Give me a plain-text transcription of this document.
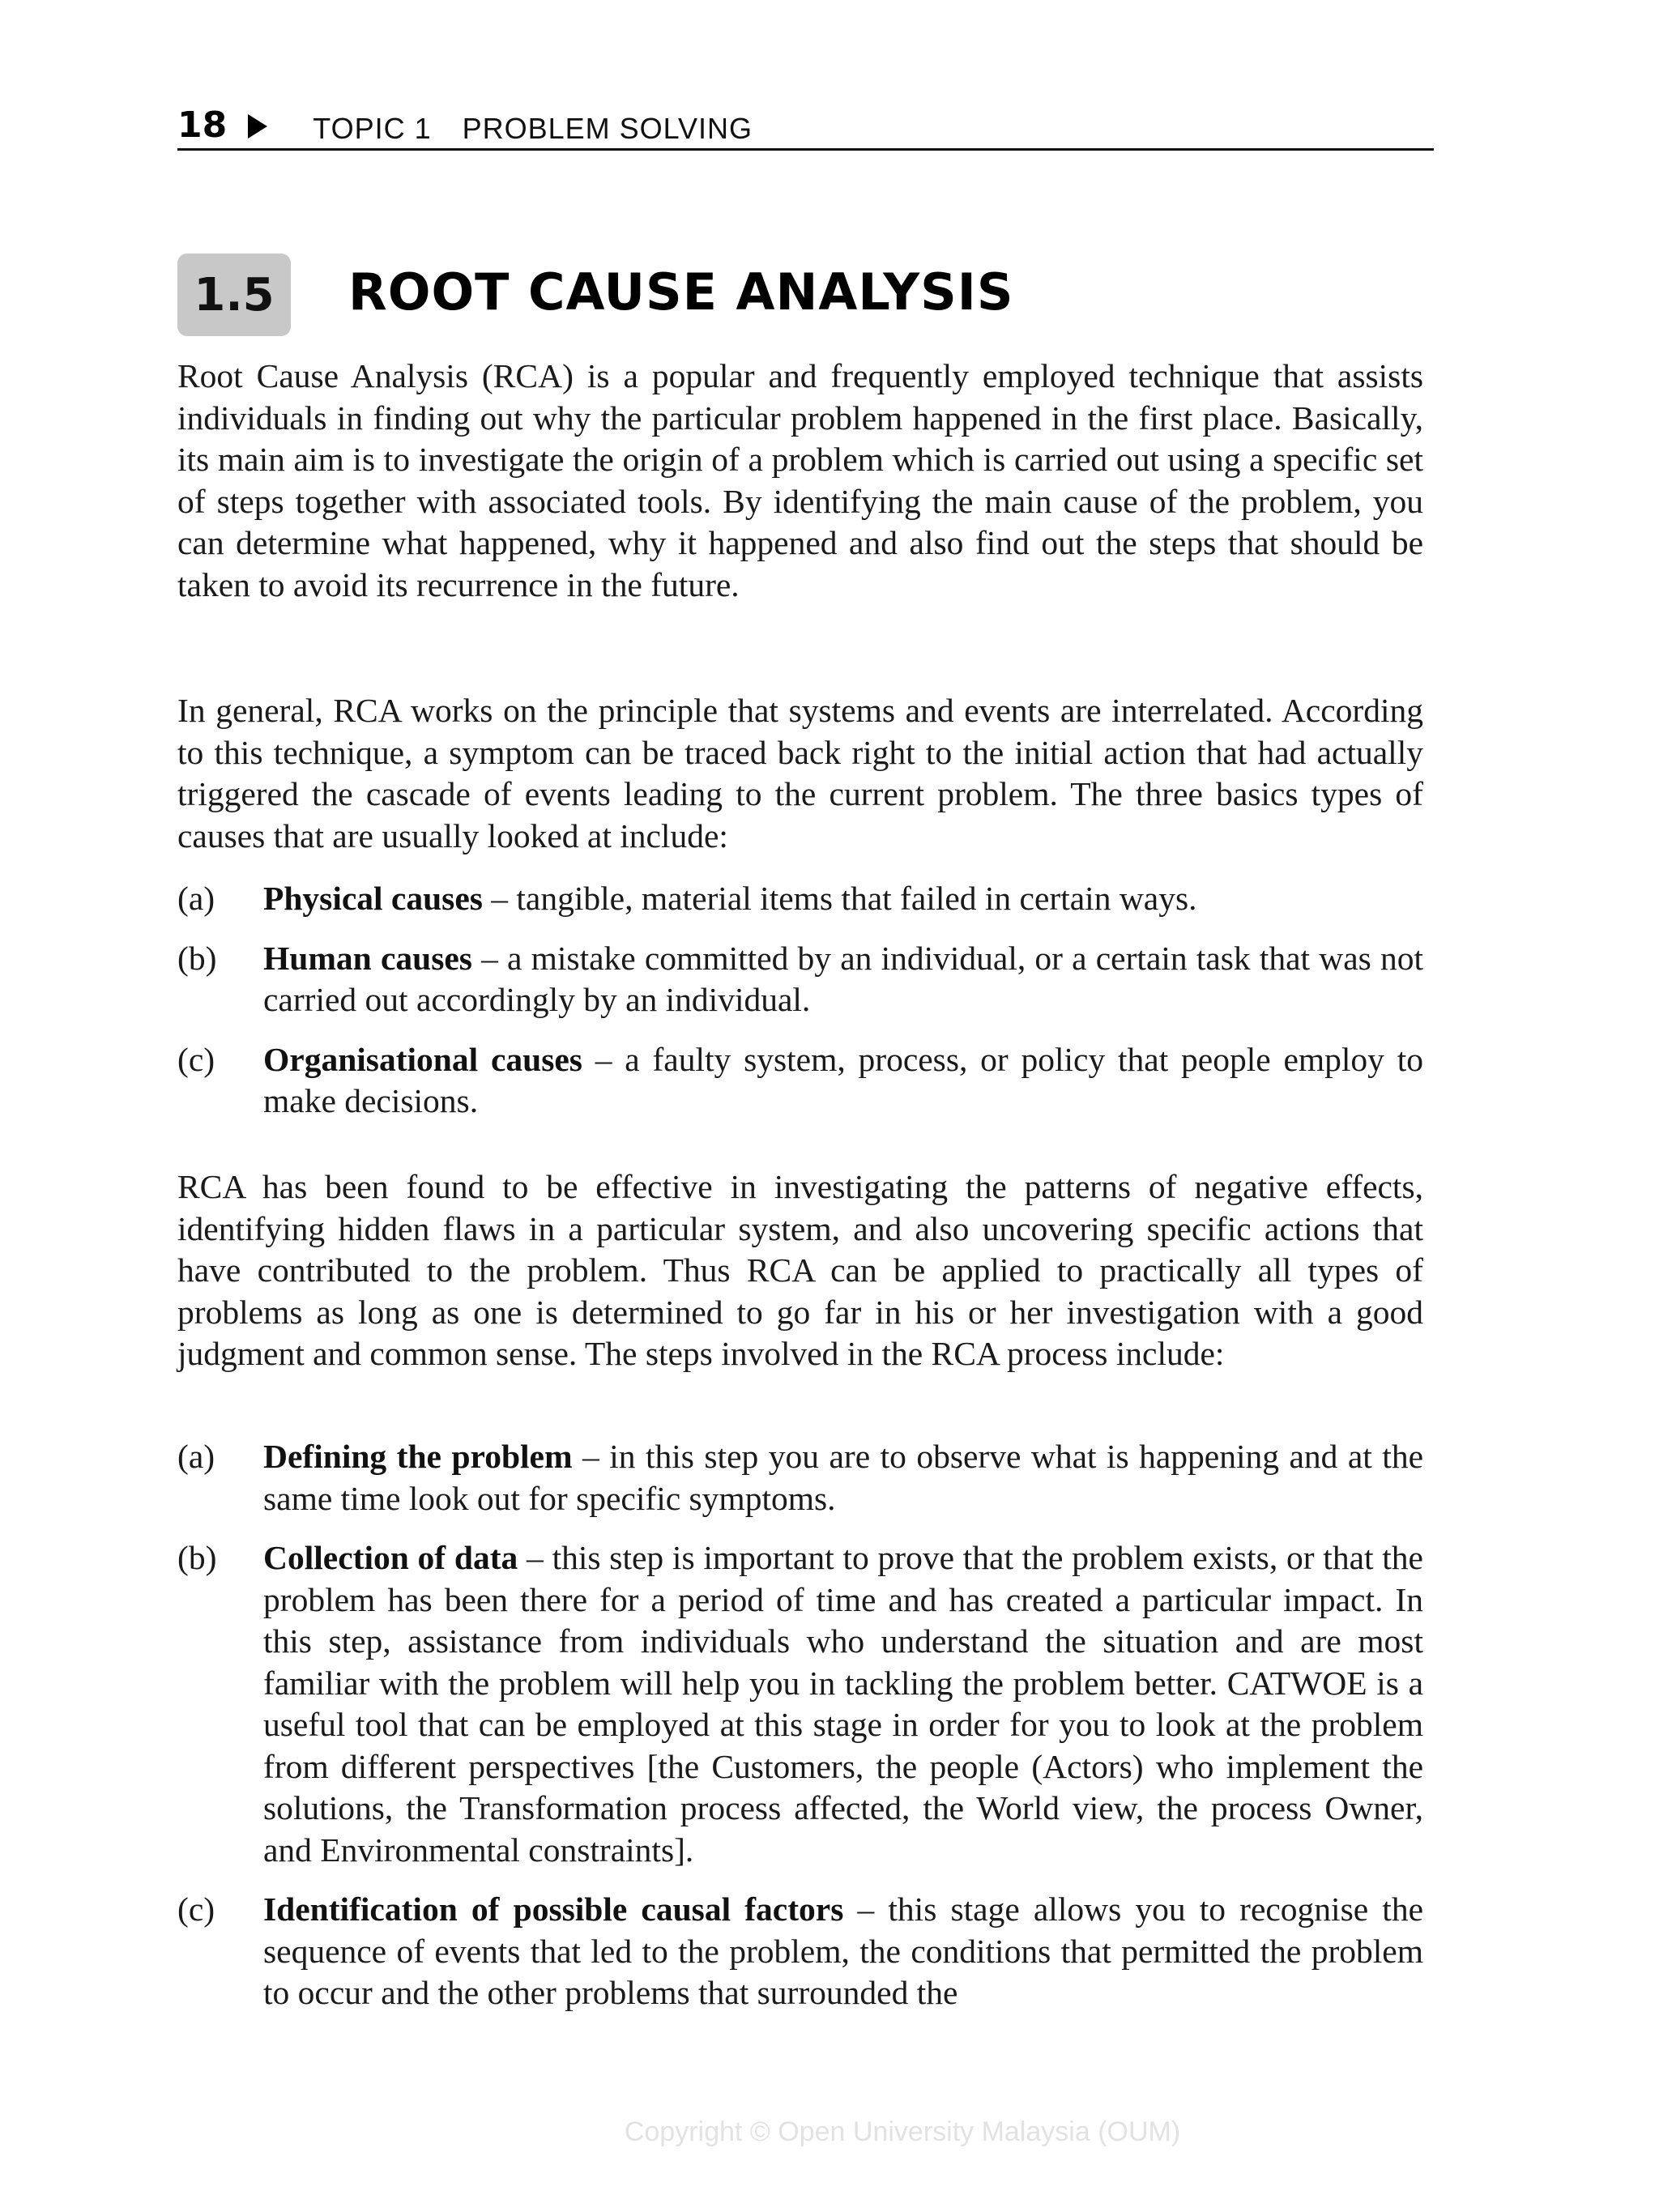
18	TOPIC 1 PROBLEM SOLVING
1.5	ROOT CAUSE ANALYSIS

Root Cause Analysis (RCA) is a popular and frequently employed technique that assists individuals in finding out why the particular problem happened in the first place. Basically, its main aim is to investigate the origin of a problem which is carried out using a specific set of steps together with associated tools. By identifying the main cause of the problem, you can determine what happened, why it happened and also find out the steps that should be taken to avoid its recurrence in the future.

In general, RCA works on the principle that systems and events are interrelated. According to this technique, a symptom can be traced back right to the initial action that had actually triggered the cascade of events leading to the current problem. The three basics types of causes that are usually looked at include:

(a) Physical causes – tangible, material items that failed in certain ways.
(b) Human causes – a mistake committed by an individual, or a certain task that was not carried out accordingly by an individual.
(c) Organisational causes – a faulty system, process, or policy that people employ to make decisions.

RCA has been found to be effective in investigating the patterns of negative effects, identifying hidden flaws in a particular system, and also uncovering specific actions that have contributed to the problem. Thus RCA can be applied to practically all types of problems as long as one is determined to go far in his or her investigation with a good judgment and common sense. The steps involved in the RCA process include:

(a) Defining the problem – in this step you are to observe what is happening and at the same time look out for specific symptoms.
(b) Collection of data – this step is important to prove that the problem exists, or that the problem has been there for a period of time and has created a particular impact. In this step, assistance from individuals who understand the situation and are most familiar with the problem will help you in tackling the problem better. CATWOE is a useful tool that can be employed at this stage in order for you to look at the problem from different perspectives [the Customers, the people (Actors) who implement the solutions, the Transformation process affected, the World view, the process Owner, and Environmental constraints].
(c) Identification of possible causal factors – this stage allows you to recognise the sequence of events that led to the problem, the conditions that permitted the problem to occur and the other problems that surrounded the
Copyright © Open University Malaysia (OUM)
